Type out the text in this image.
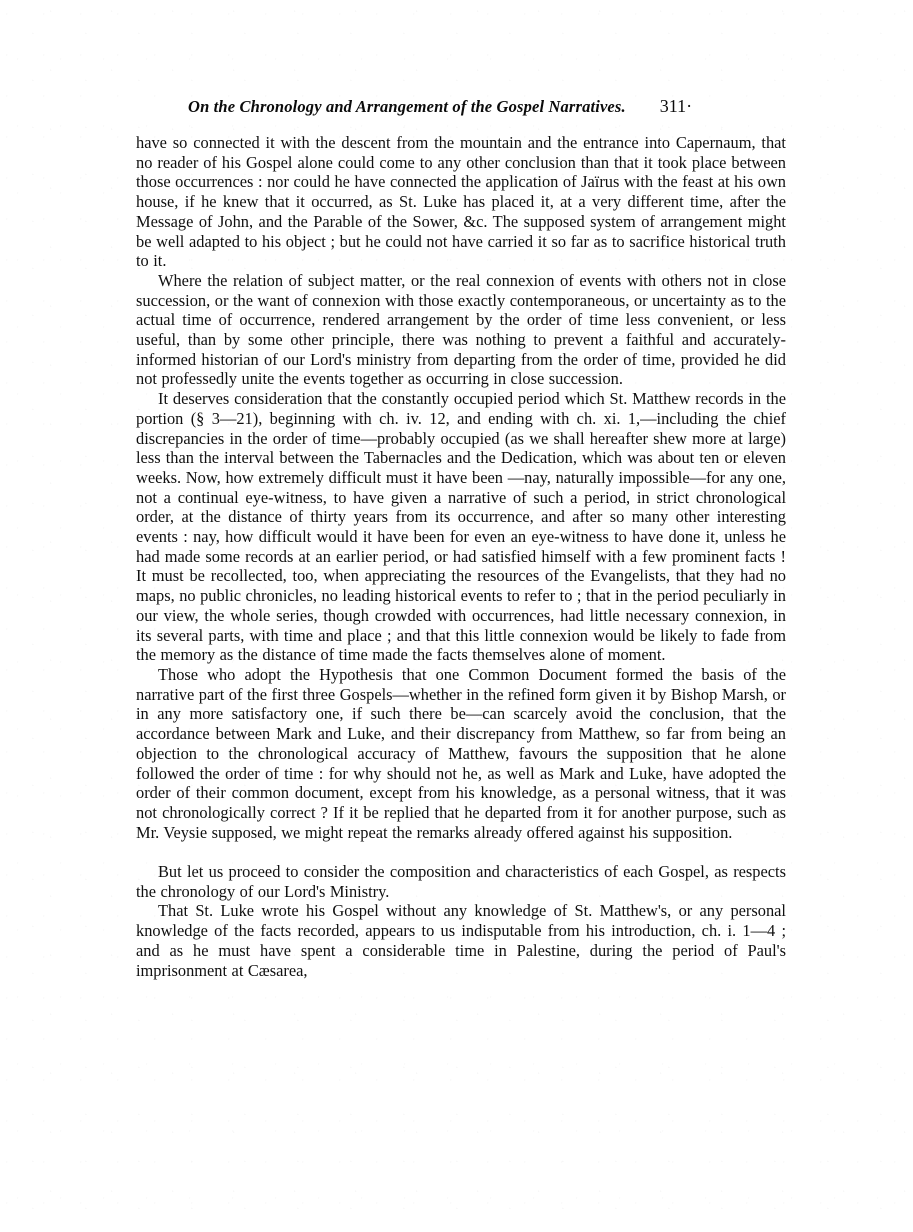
On the Chronology and Arrangement of the Gospel Narratives. 311·

have so connected it with the descent from the mountain and the entrance into Capernaum, that no reader of his Gospel alone could come to any other conclusion than that it took place between those occurrences : nor could he have connected the application of Jaïrus with the feast at his own house, if he knew that it occurred, as St. Luke has placed it, at a very different time, after the Message of John, and the Parable of the Sower, &c. The supposed system of arrangement might be well adapted to his object ; but he could not have carried it so far as to sacrifice historical truth to it.

Where the relation of subject matter, or the real connexion of events with others not in close succession, or the want of connexion with those exactly contemporaneous, or uncertainty as to the actual time of occurrence, rendered arrangement by the order of time less convenient, or less useful, than by some other principle, there was nothing to prevent a faithful and accurately-informed historian of our Lord's ministry from departing from the order of time, provided he did not professedly unite the events together as occurring in close succession.

It deserves consideration that the constantly occupied period which St. Matthew records in the portion (§ 3—21), beginning with ch. iv. 12, and ending with ch. xi. 1,—including the chief discrepancies in the order of time—probably occupied (as we shall hereafter shew more at large) less than the interval between the Tabernacles and the Dedication, which was about ten or eleven weeks. Now, how extremely difficult must it have been —nay, naturally impossible—for any one, not a continual eye-witness, to have given a narrative of such a period, in strict chronological order, at the distance of thirty years from its occurrence, and after so many other interesting events : nay, how difficult would it have been for even an eye-witness to have done it, unless he had made some records at an earlier period, or had satisfied himself with a few prominent facts ! It must be recollected, too, when appreciating the resources of the Evangelists, that they had no maps, no public chronicles, no leading historical events to refer to ; that in the period peculiarly in our view, the whole series, though crowded with occurrences, had little necessary connexion, in its several parts, with time and place ; and that this little connexion would be likely to fade from the memory as the distance of time made the facts themselves alone of moment.

Those who adopt the Hypothesis that one Common Document formed the basis of the narrative part of the first three Gospels—whether in the refined form given it by Bishop Marsh, or in any more satisfactory one, if such there be—can scarcely avoid the conclusion, that the accordance between Mark and Luke, and their discrepancy from Matthew, so far from being an objection to the chronological accuracy of Matthew, favours the supposition that he alone followed the order of time : for why should not he, as well as Mark and Luke, have adopted the order of their common document, except from his knowledge, as a personal witness, that it was not chronologically correct ? If it be replied that he departed from it for another purpose, such as Mr. Veysie supposed, we might repeat the remarks already offered against his supposition.

But let us proceed to consider the composition and characteristics of each Gospel, as respects the chronology of our Lord's Ministry.

That St. Luke wrote his Gospel without any knowledge of St. Matthew's, or any personal knowledge of the facts recorded, appears to us indisputable from his introduction, ch. i. 1—4 ; and as he must have spent a considerable time in Palestine, during the period of Paul's imprisonment at Cæsarea,
